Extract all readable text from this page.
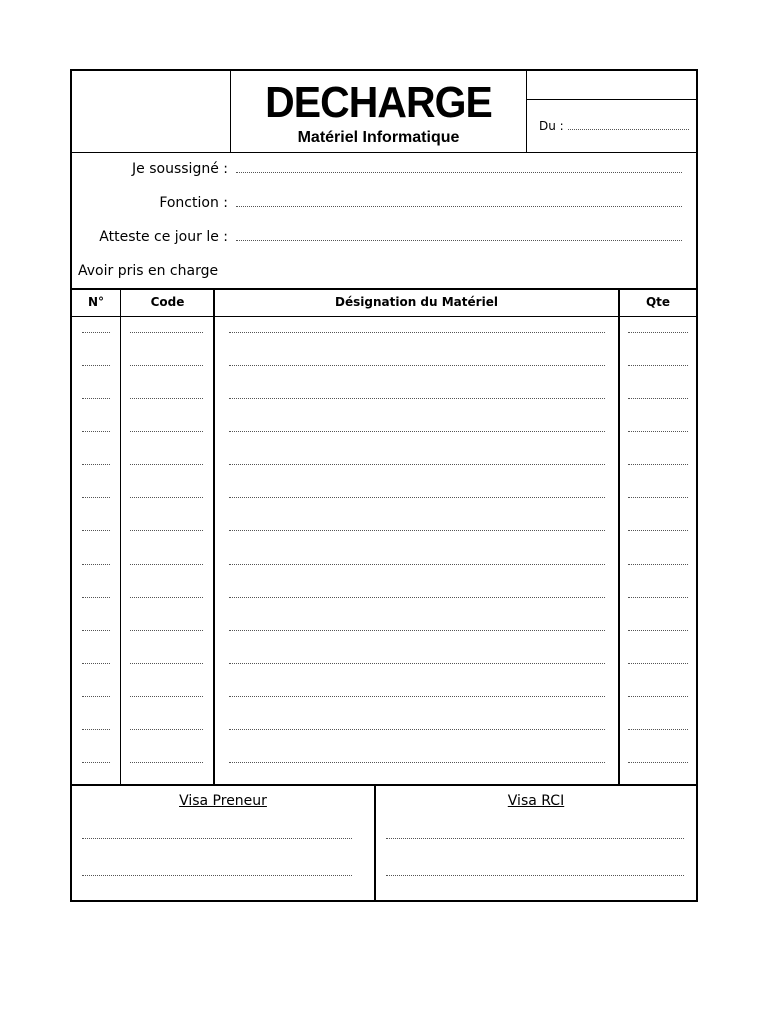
DECHARGE
Matériel Informatique
Du :
Je soussigné :
Fonction :
Atteste ce jour le :
Avoir pris en charge
N°	Code	Désignation du Matériel	Qte
Visa Preneur	Visa RCI
